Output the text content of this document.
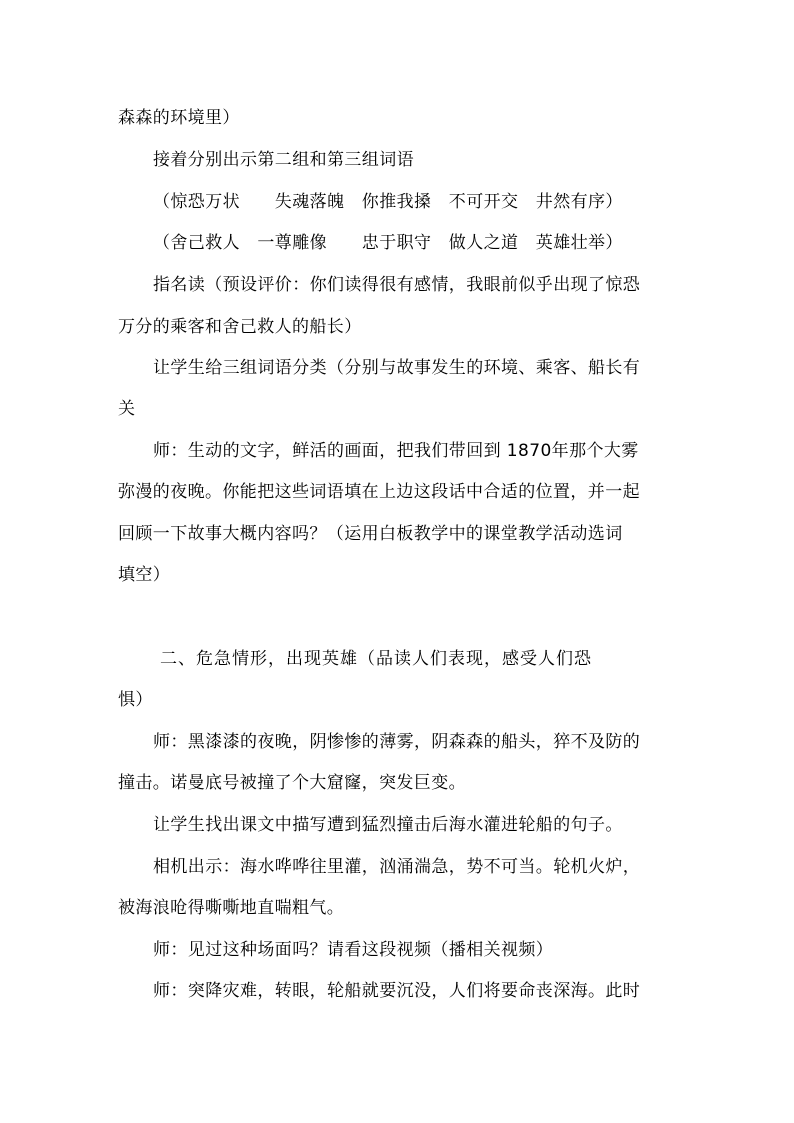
森森的环境里）
接着分别出示第二组和第三组词语
（惊恐万状　　失魂落魄　你推我搡　不可开交　井然有序）
（舍己救人　一尊雕像　　忠于职守　做人之道　英雄壮举）
指名读（预设评价：你们读得很有感情，我眼前似乎出现了惊恐
万分的乘客和舍己救人的船长）
让学生给三组词语分类（分别与故事发生的环境、乘客、船长有
关
师：生动的文字，鲜活的画面，把我们带回到 1870年那个大雾
弥漫的夜晚。你能把这些词语填在上边这段话中合适的位置，并一起
回顾一下故事大概内容吗？（运用白板教学中的课堂教学活动选词
填空）
二、危急情形，出现英雄（品读人们表现，感受人们恐
惧）
师：黑漆漆的夜晚，阴惨惨的薄雾，阴森森的船头，猝不及防的
撞击。诺曼底号被撞了个大窟窿，突发巨变。
让学生找出课文中描写遭到猛烈撞击后海水灌进轮船的句子。
相机出示：海水哗哗往里灌，汹涌湍急，势不可当。轮机火炉，
被海浪呛得嘶嘶地直喘粗气。
师：见过这种场面吗？请看这段视频（播相关视频）
师：突降灾难，转眼，轮船就要沉没，人们将要命丧深海。此时
